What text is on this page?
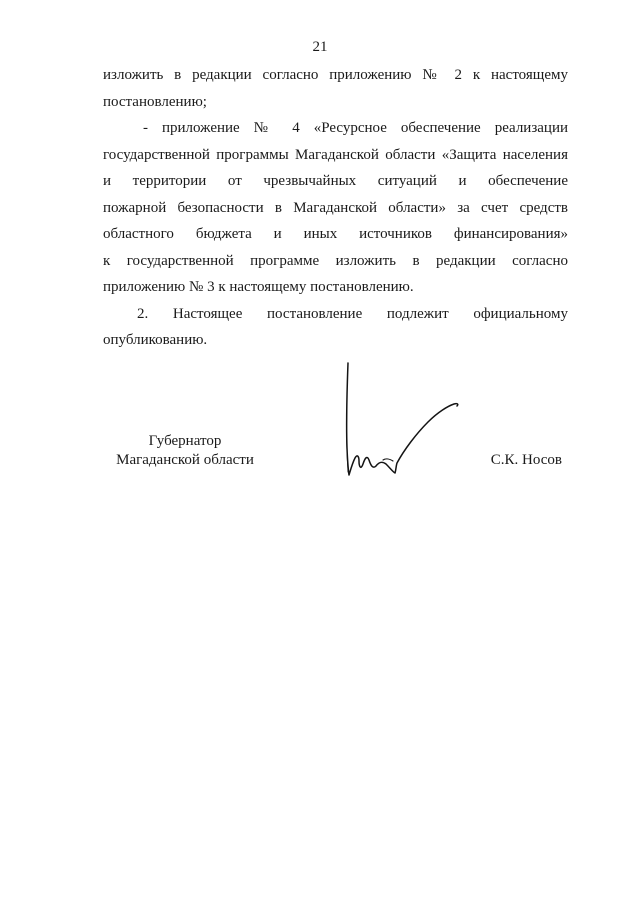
21
изложить в редакции согласно приложению № 2 к настоящему
постановлению;
- приложение № 4 «Ресурсное обеспечение реализации
государственной программы Магаданской области «Защита населения
и территории от чрезвычайных ситуаций и обеспечение
пожарной безопасности в Магаданской области» за счет средств
областного бюджета и иных источников финансирования»
к государственной программе изложить в редакции согласно
приложению № 3 к настоящему постановлению.
2. Настоящее постановление подлежит официальному
опубликованию.
Губернатор
Магаданской области	С.К. Носов
